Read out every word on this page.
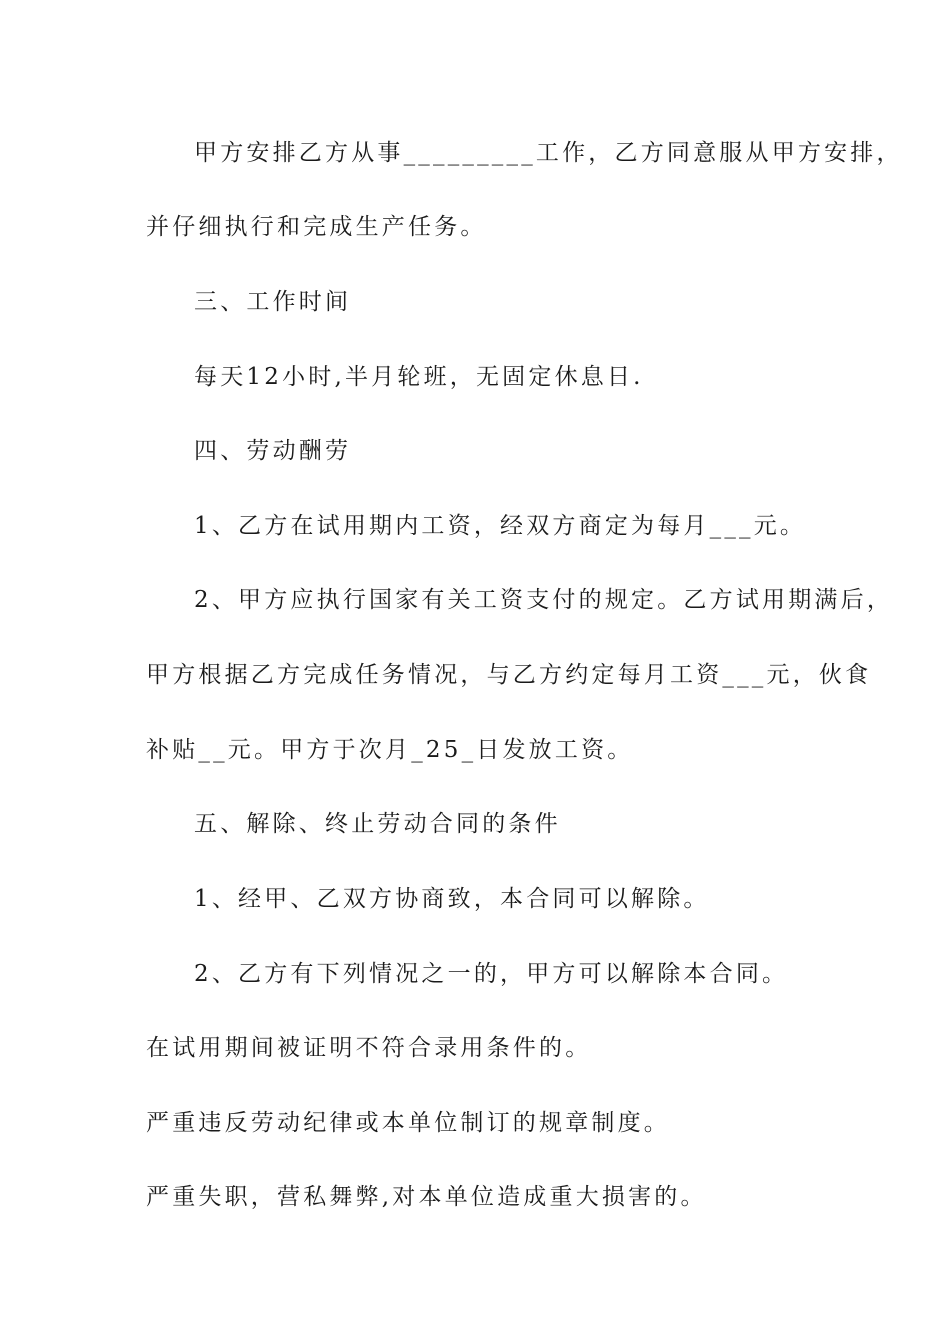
甲方安排乙方从事_________工作，乙方同意服从甲方安排，
并仔细执行和完成生产任务。
三、工作时间
每天12小时,半月轮班，无固定休息日.
四、劳动酬劳
1、乙方在试用期内工资，经双方商定为每月___元。
2、甲方应执行国家有关工资支付的规定。乙方试用期满后，
甲方根据乙方完成任务情况，与乙方约定每月工资___元，伙食
补贴__元。甲方于次月_25_日发放工资。
五、解除、终止劳动合同的条件
1、经甲、乙双方协商致，本合同可以解除。
2、乙方有下列情况之一的，甲方可以解除本合同。
在试用期间被证明不符合录用条件的。
严重违反劳动纪律或本单位制订的规章制度。
严重失职，营私舞弊,对本单位造成重大损害的。
